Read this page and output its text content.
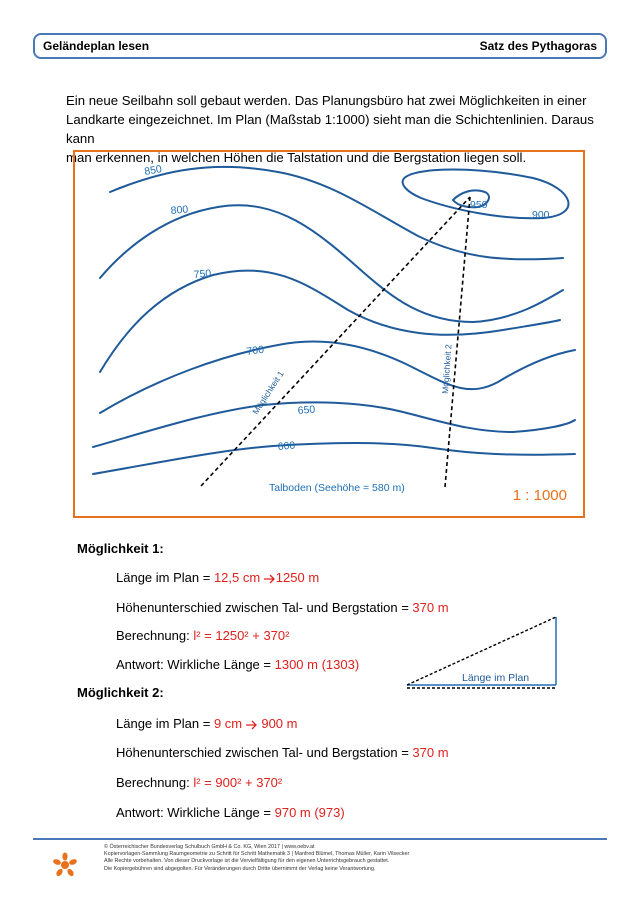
Geländeplan lesen	Satz des Pythagoras
Ein neue Seilbahn soll gebaut werden. Das Planungsbüro hat zwei Möglichkeiten in einer
Landkarte eingezeichnet. Im Plan (Maßstab 1:1000) sieht man die Schichtenlinien. Daraus kann
man erkennen, in welchen Höhen die Talstation und die Bergstation liegen soll.
850
800
750
700
650
600
950
900
Möglichkeit 1	Möglichkeit 2
Talboden (Seehöhe = 580 m)	1 : 1000
Möglichkeit 1:
Länge im Plan = 12,5 cm 1250 m
Höhenunterschied zwischen Tal- und Bergstation = 370 m
Berechnung: l² = 1250² + 370²
Antwort: Wirkliche Länge = 1300 m (1303)
Länge im Plan
Möglichkeit 2:
Länge im Plan = 9 cm  900 m
Höhenunterschied zwischen Tal- und Bergstation = 370 m
Berechnung: l² = 900² + 370²
Antwort: Wirkliche Länge = 970 m (973)
© Österreichischer Bundesverlag Schulbuch GmbH & Co. KG, Wien 2017 | www.oebv.at
Kopiervorlagen-Sammlung Raumgeometrie zu Schritt für Schritt Mathematik 3 | Manfred Blümel, Thomas Müller, Karin Vilsecker
Alle Rechte vorbehalten. Von dieser Druckvorlage ist die Vervielfältigung für den eigenen Unterrichtsgebrauch gestattet.
Die Kopiergebühren sind abgegolten. Für Veränderungen durch Dritte übernimmt der Verlag keine Verantwortung.
